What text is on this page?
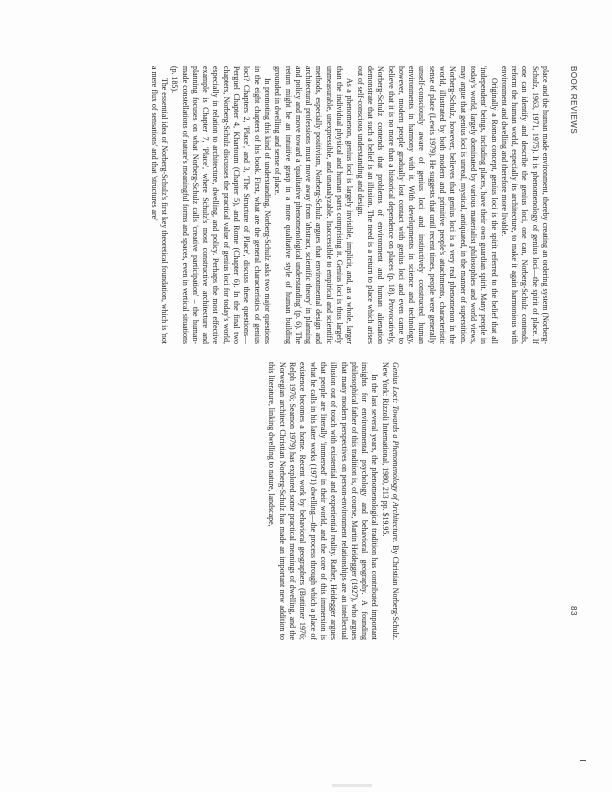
BOOK REVIEWS
83

place and the human made environment, thereby creating an ordering system (Norberg-Schulz, 1963, 1971, 1975). It is phenomenology of genius loci—the spirit of place. If one can identify and describe the genius loci, one can, Norberg-Schulz contends, reform the human world, especially its architecture, to make it again harmonious with environment and dwelling and therefore more livable.

Originally a Roman concept, genius loci is the spirit referred to the belief that all 'independent' beings, including places, have their own guardian spirit. Many people in today's world, largely dominated by various materialist philosophies and world views, may argue that genius loci is unreal, mystical, antiquated, in the manner of superstition. Norberg-Schulz, however, believes that genius loci is a very real phenomenon in the world, illustrated by both modern and primitive people's attachments, characteristic sense of place (Lewis 1979). He suggests that until recent times, people were generally unself-consciously aware of genius loci and instinctively constructed human environments in harmony with it. With developments in science and technology, however, modern people gradually lost contact with genius loci and even came to believe that it is no more than a historical dependence on places (p. 18). Provocatively, Norberg-Schulz contends that problems of environment and human alienation demonstrate that such a belief is an illusion. The need is a return to place which arises out of self-conscious understanding and design.

As a phenomenon, genius loci is largely invisible, implicit, and, as a whole, larger than the individual physical and human parts comprising it. Genius loci is thus largely unmeasurable, unexpressible, and unanalyzable. Inaccessible to empirical and scientific methods, especially positivism, Norberg-Schulz argues that environmental design and architectural professions must move away from 'abstract, scientific theory' in planning and policy and move toward a 'qualitative phenomenological understanding' (p. 6). The return might be an intuitive grasp in a more qualitative style of human building grounded in dwelling and sense of place.

In promoting this kind of understanding, Norberg-Schulz asks two major questions in the eight chapters of his book. First, what are the general characteristics of genius loci? Chapters 2, 'Place', and 3, 'The Structure of Place', discuss these questions—Perguel Chapter 4, Khartoum (Chapter 5), and Rome (Chapter 6). In the final two chapters, Norberg-Schulz discusses the practical value of genius loci for today's world, especially in relation to architecture, dwelling, and policy. Perhaps the most effective example is Chapter 7, 'Place', where Schulz's most constructive architecture and planning focuses on what Norberg-Schulz calls 'creative participation' – the human-made constellations of nature's meaningful forms and spaces, even in vertical situations (p. 185).

The essential idea of Norberg-Schulz's first key theoretical foundation, which is 'not a mere flux of sensations' and that 'structures are'

Genius Loci: Towards a Phenomenology of Architecture. By Christian Norberg-Schulz. New York: Rizzoli International, 1980, 213 pp. $19.95.

In the last several years, the phenomenological tradition has contributed important insights for environmental psychology and behavioral geography. A founding philosophical father of this tradition is, of course, Martin Heidegger (1927), who argues that many modern perspectives on person-environment relationships are an intellectual illusion out of touch with existential and experiential reality. Rather, Heidegger argues that people are literally 'immersed' in their world, and the core of this immersion is what he calls in his later works (1971) dwelling—the process through which a place of existence becomes a home. Recent work by behavioral geographers (Buttimer 1976; Relph 1976; Seamon 1979) has explored some practical meanings of dwelling, and the Norwegian architect Christian Norberg-Schulz has made an important new addition to this literature, linking dwelling to nature, landscape,
